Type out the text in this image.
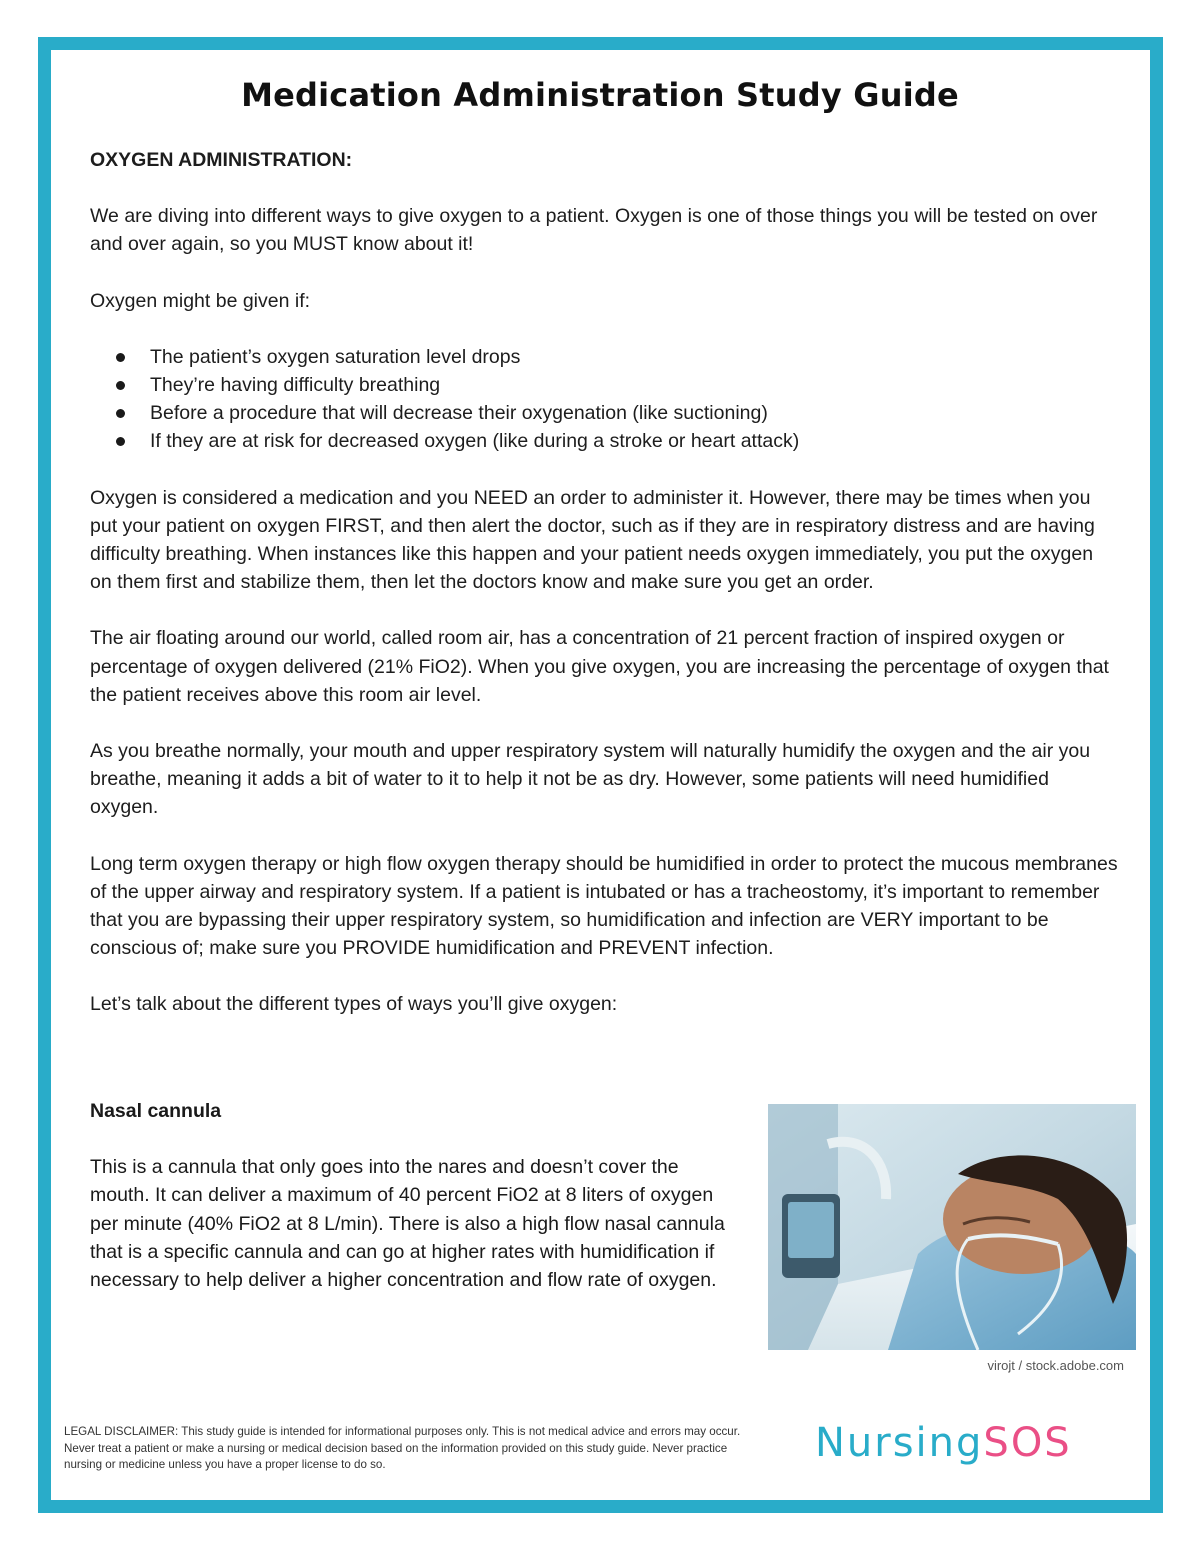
Medication Administration Study Guide
OXYGEN ADMINISTRATION:

We are diving into different ways to give oxygen to a patient. Oxygen is one of those things you will be tested on over and over again, so you MUST know about it!

Oxygen might be given if:

The patient’s oxygen saturation level drops
They’re having difficulty breathing
Before a procedure that will decrease their oxygenation (like suctioning)
If they are at risk for decreased oxygen (like during a stroke or heart attack)

Oxygen is considered a medication and you NEED an order to administer it. However, there may be times when you put your patient on oxygen FIRST, and then alert the doctor, such as if they are in respiratory distress and are having difficulty breathing. When instances like this happen and your patient needs oxygen immediately, you put the oxygen on them first and stabilize them, then let the doctors know and make sure you get an order.

The air floating around our world, called room air, has a concentration of 21 percent fraction of inspired oxygen or percentage of oxygen delivered (21% FiO2). When you give oxygen, you are increasing the percentage of oxygen that the patient receives above this room air level.

As you breathe normally, your mouth and upper respiratory system will naturally humidify the oxygen and the air you breathe, meaning it adds a bit of water to it to help it not be as dry. However, some patients will need humidified oxygen.

Long term oxygen therapy or high flow oxygen therapy should be humidified in order to protect the mucous membranes of the upper airway and respiratory system. If a patient is intubated or has a tracheostomy, it’s important to remember that you are bypassing their upper respiratory system, so humidification and infection are VERY important to be conscious of; make sure you PROVIDE humidification and PREVENT infection.

Let’s talk about the different types of ways you’ll give oxygen:

Nasal cannula

This is a cannula that only goes into the nares and doesn’t cover the mouth. It can deliver a maximum of 40 percent FiO2 at 8 liters of oxygen per minute (40% FiO2 at 8 L/min). There is also a high flow nasal cannula that is a specific cannula and can go at higher rates with humidification if necessary to help deliver a higher concentration and flow rate of oxygen.

virojt / stock.adobe.com
LEGAL DISCLAIMER: This study guide is intended for informational purposes only. This is not medical advice and errors may occur. Never treat a patient or make a nursing or medical decision based on the information provided on this study guide. Never practice nursing or medicine unless you have a proper license to do so.	NursingSOS
